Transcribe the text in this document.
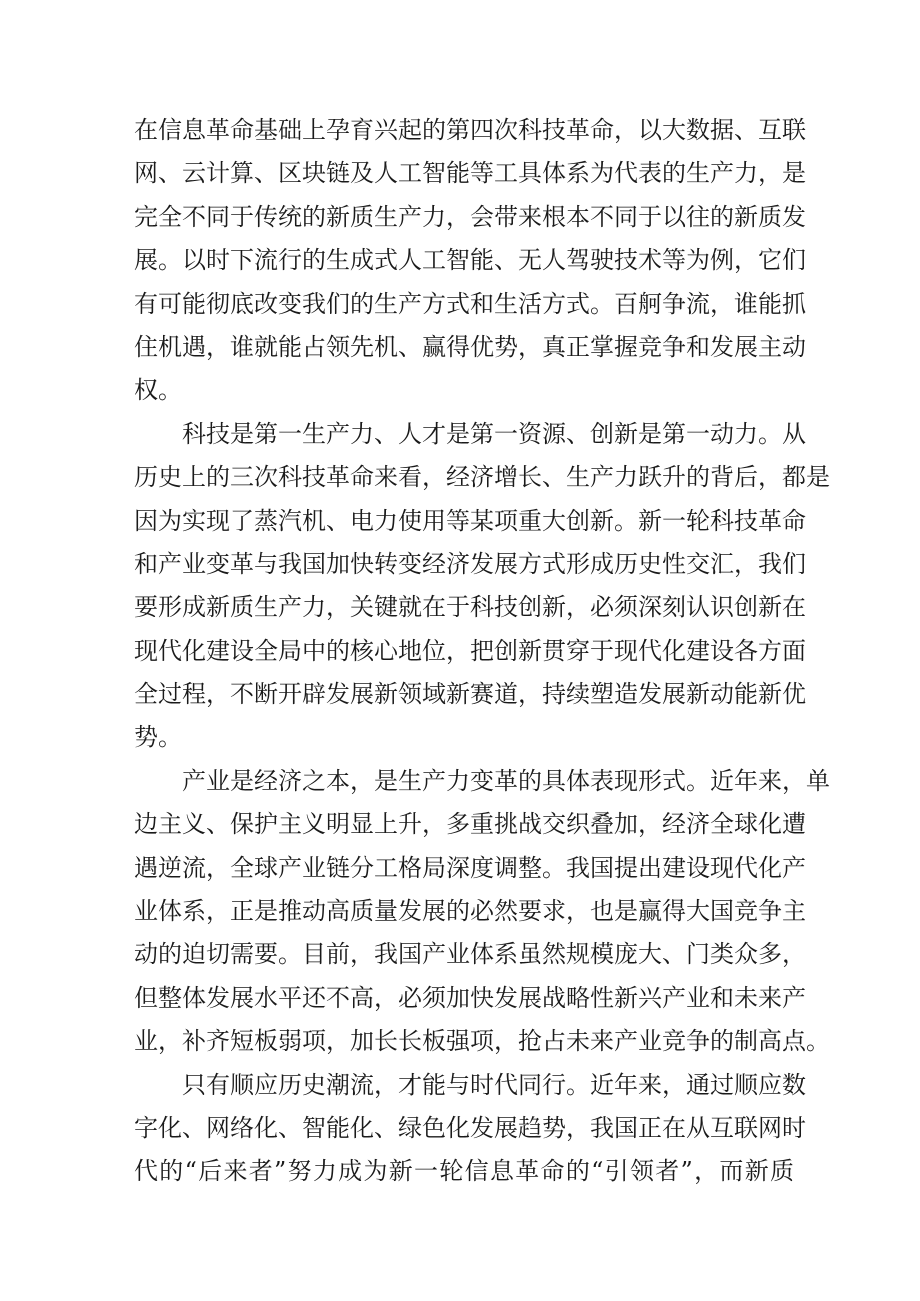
在信息革命基础上孕育兴起的第四次科技革命，以大数据、互联
网、云计算、区块链及人工智能等工具体系为代表的生产力，是
完全不同于传统的新质生产力，会带来根本不同于以往的新质发
展。以时下流行的生成式人工智能、无人驾驶技术等为例，它们
有可能彻底改变我们的生产方式和生活方式。百舸争流，谁能抓
住机遇，谁就能占领先机、赢得优势，真正掌握竞争和发展主动
权。
科技是第一生产力、人才是第一资源、创新是第一动力。从
历史上的三次科技革命来看，经济增长、生产力跃升的背后，都是
因为实现了蒸汽机、电力使用等某项重大创新。新一轮科技革命
和产业变革与我国加快转变经济发展方式形成历史性交汇，我们
要形成新质生产力，关键就在于科技创新，必须深刻认识创新在
现代化建设全局中的核心地位，把创新贯穿于现代化建设各方面
全过程，不断开辟发展新领域新赛道，持续塑造发展新动能新优
势。
产业是经济之本，是生产力变革的具体表现形式。近年来，单
边主义、保护主义明显上升，多重挑战交织叠加，经济全球化遭
遇逆流，全球产业链分工格局深度调整。我国提出建设现代化产
业体系，正是推动高质量发展的必然要求，也是赢得大国竞争主
动的迫切需要。目前，我国产业体系虽然规模庞大、门类众多，
但整体发展水平还不高，必须加快发展战略性新兴产业和未来产
业，补齐短板弱项，加长长板强项，抢占未来产业竞争的制高点。
只有顺应历史潮流，才能与时代同行。近年来，通过顺应数
字化、网络化、智能化、绿色化发展趋势，我国正在从互联网时
代的“后来者”努力成为新一轮信息革命的“引领者”，而新质
